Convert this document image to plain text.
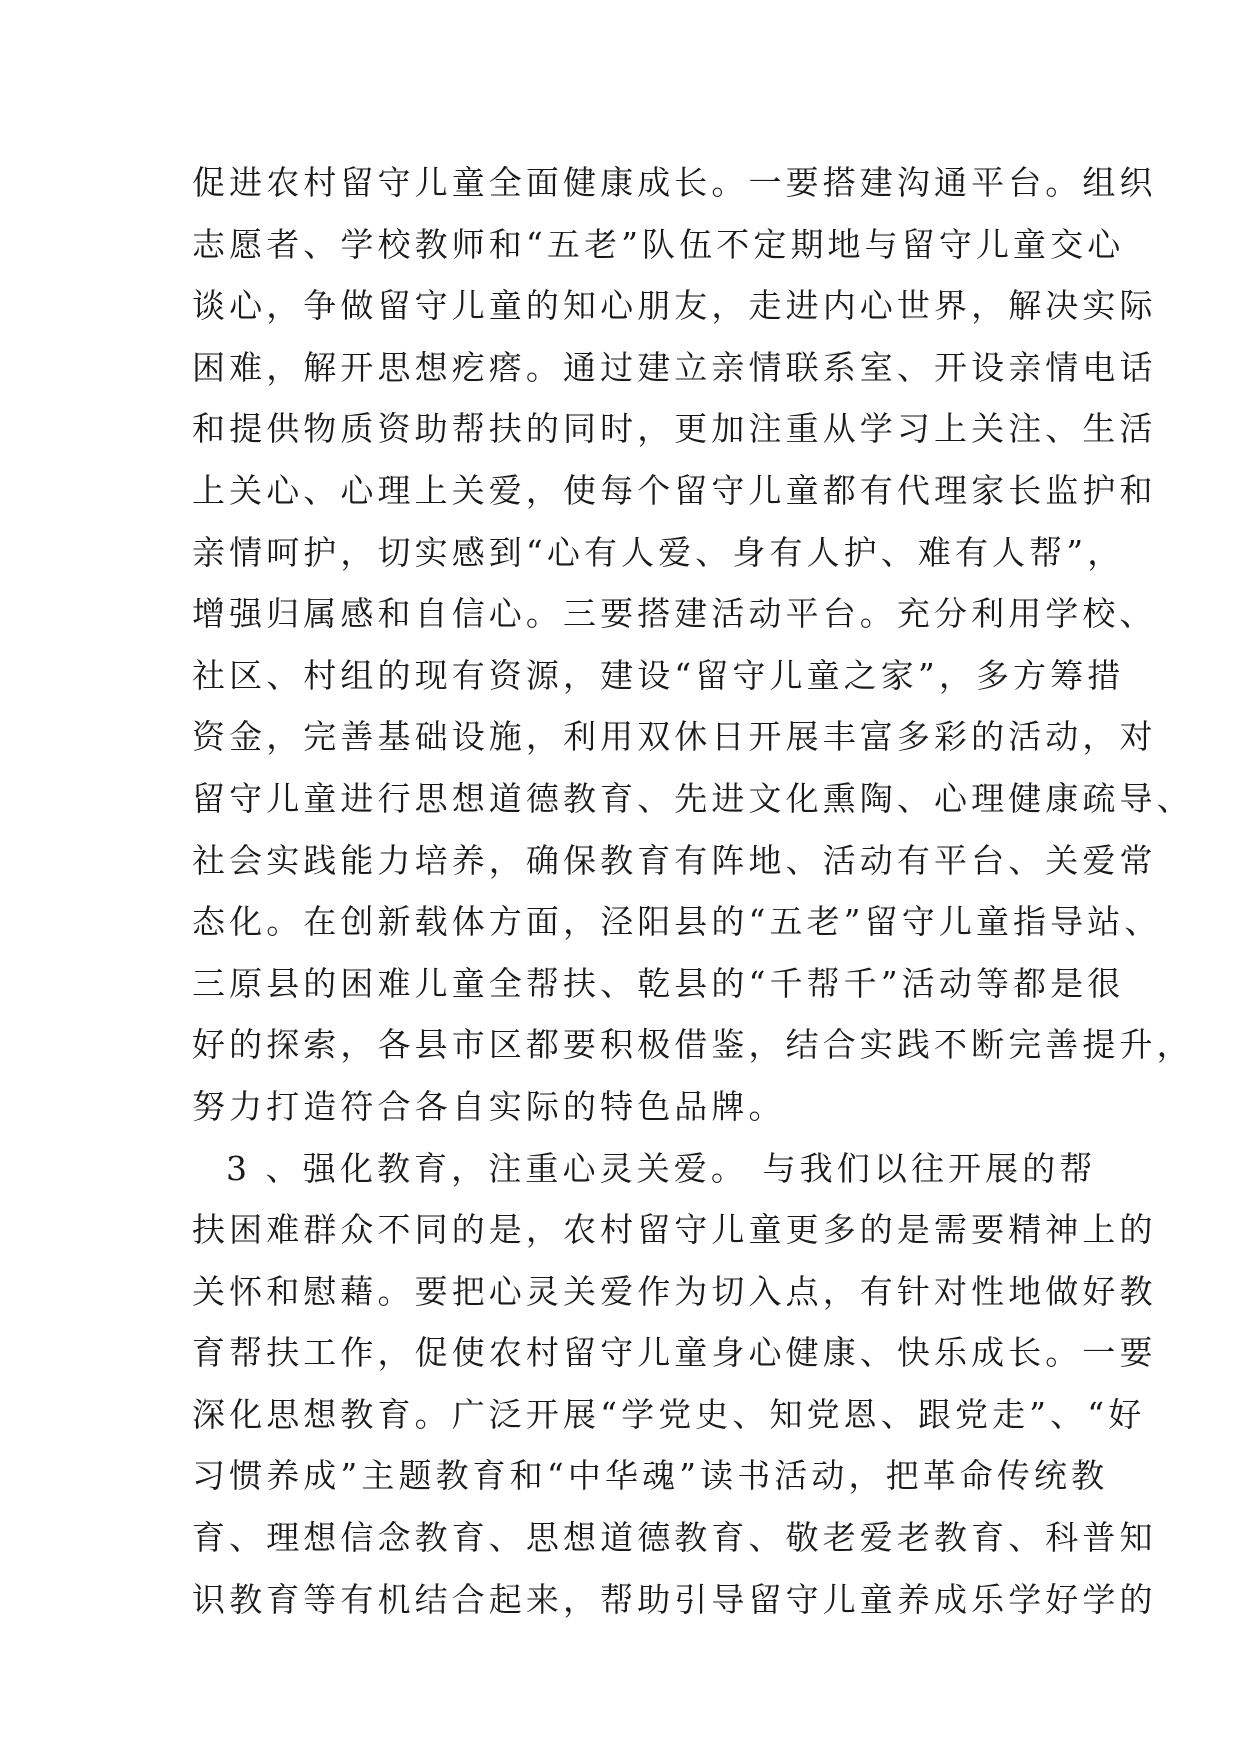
促进农村留守儿童全面健康成长。一要搭建沟通平台。组织
志愿者、学校教师和“五老”队伍不定期地与留守儿童交心
谈心，争做留守儿童的知心朋友，走进内心世界，解决实际
困难，解开思想疙瘩。通过建立亲情联系室、开设亲情电话
和提供物质资助帮扶的同时，更加注重从学习上关注、生活
上关心、心理上关爱，使每个留守儿童都有代理家长监护和
亲情呵护，切实感到“心有人爱、身有人护、难有人帮”，
增强归属感和自信心。三要搭建活动平台。充分利用学校、
社区、村组的现有资源，建设“留守儿童之家”，多方筹措
资金，完善基础设施，利用双休日开展丰富多彩的活动，对
留守儿童进行思想道德教育、先进文化熏陶、心理健康疏导、
社会实践能力培养，确保教育有阵地、活动有平台、关爱常
态化。在创新载体方面，泾阳县的“五老”留守儿童指导站、
三原县的困难儿童全帮扶、乾县的“千帮千”活动等都是很
好的探索，各县市区都要积极借鉴，结合实践不断完善提升，
努力打造符合各自实际的特色品牌。
3 、强化教育，注重心灵关爱。 与我们以往开展的帮
扶困难群众不同的是，农村留守儿童更多的是需要精神上的
关怀和慰藉。要把心灵关爱作为切入点，有针对性地做好教
育帮扶工作，促使农村留守儿童身心健康、快乐成长。一要
深化思想教育。广泛开展“学党史、知党恩、跟党走”、“好
习惯养成”主题教育和“中华魂”读书活动，把革命传统教
育、理想信念教育、思想道德教育、敬老爱老教育、科普知
识教育等有机结合起来，帮助引导留守儿童养成乐学好学的
